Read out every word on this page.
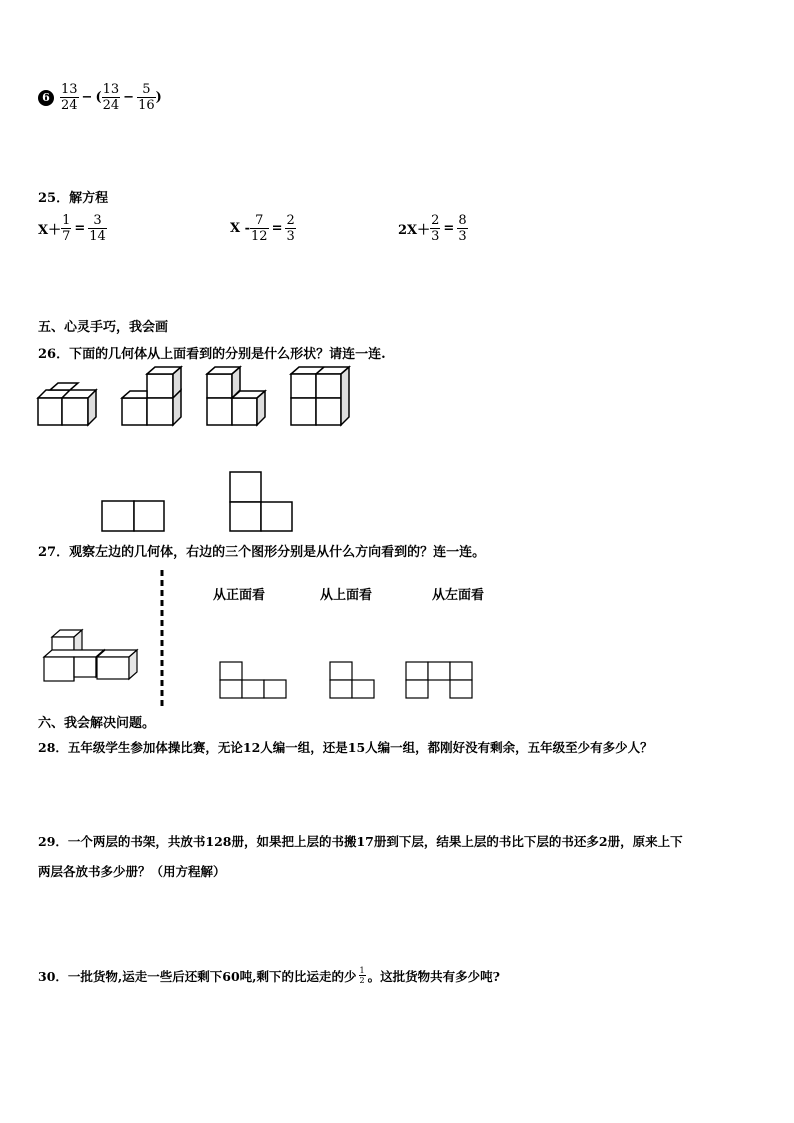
$6 \frac{13}{24}$ − ( $\frac{13}{24} - \frac{5}{16}$ )
25．解方程
$X+ \frac{1}{7} = \frac{3}{14}$	$X - \frac{7}{12} = \frac{2}{3}$	$2X+ \frac{2}{3} = \frac{8}{3}$
五、心灵手巧，我会画
26．下面的几何体从上面看到的分别是什么形状？请连一连.
27．观察左边的几何体，右边的三个图形分别是从什么方向看到的？连一连。
从正面看	从上面看	从左面看
六、我会解决问题。
28．五年级学生参加体操比赛，无论12人编一组，还是15人编一组，都刚好没有剩余，五年级至少有多少人？
29．一个两层的书架，共放书128册，如果把上层的书搬17册到下层，结果上层的书比下层的书还多2册，原来上下
两层各放书多少册？（用方程解）
30．一批货物,运走一些后还剩下60吨,剩下的比运走的少 $\frac{1}{2}$ 。这批货物共有多少吨?
